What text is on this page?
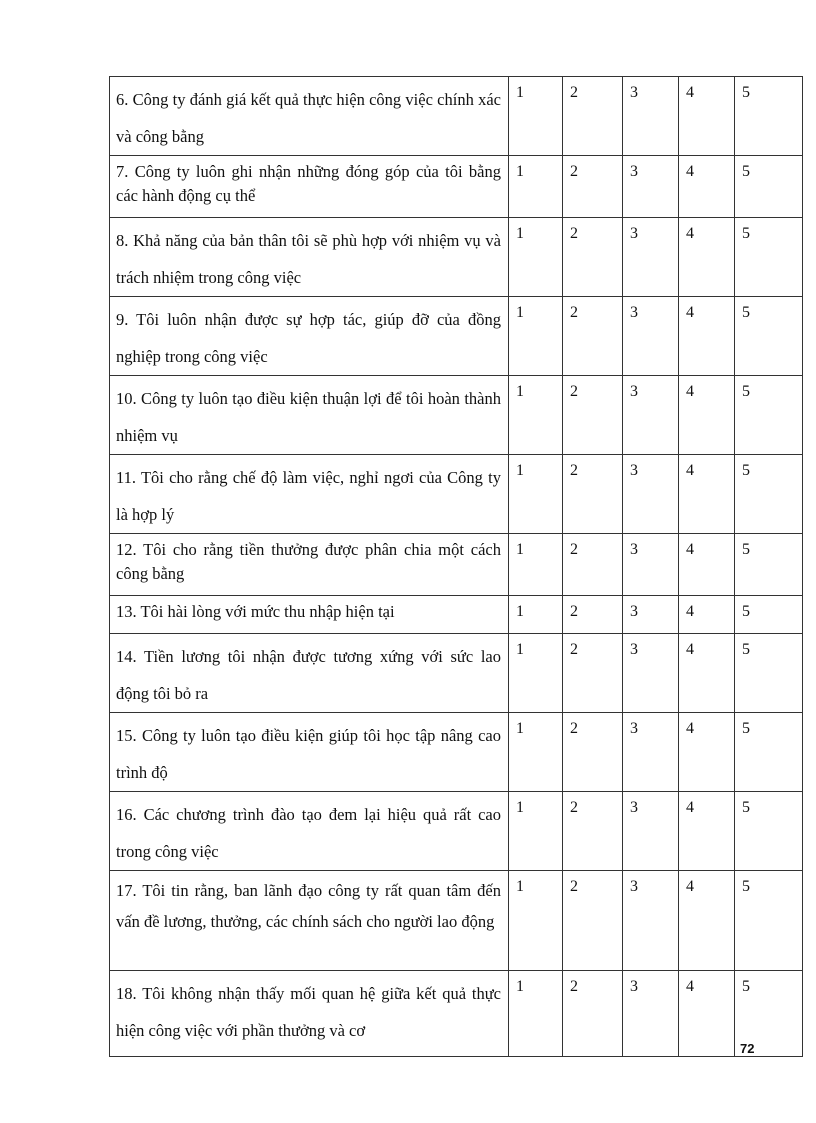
6. Công ty đánh giá kết quả thực hiện công việc chính xác và công bằng	1	2	3	4	5
7. Công ty luôn ghi nhận những đóng góp của tôi bằng các hành động cụ thể	1	2	3	4	5
8. Khả năng của bản thân tôi sẽ phù hợp với nhiệm vụ và trách nhiệm trong công việc	1	2	3	4	5
9. Tôi luôn nhận được sự hợp tác, giúp đỡ của đồng nghiệp trong công việc	1	2	3	4	5
10. Công ty luôn tạo điều kiện thuận lợi để tôi hoàn thành nhiệm vụ	1	2	3	4	5
11. Tôi cho rằng chế độ làm việc, nghỉ ngơi của Công ty là hợp lý	1	2	3	4	5
12. Tôi cho rằng tiền thưởng được phân chia một cách công bằng	1	2	3	4	5
13. Tôi hài lòng với mức thu nhập hiện tại	1	2	3	4	5
14. Tiền lương tôi nhận được tương xứng với sức lao động tôi bỏ ra	1	2	3	4	5
15. Công ty luôn tạo điều kiện giúp tôi học tập nâng cao trình độ	1	2	3	4	5
16. Các chương trình đào tạo đem lại hiệu quả rất cao trong công việc	1	2	3	4	5
17. Tôi tin rằng, ban lãnh đạo công ty rất quan tâm đến vấn đề lương, thưởng, các chính sách cho người lao động	1	2	3	4	5
18. Tôi không nhận thấy mối quan hệ giữa kết quả thực hiện công việc với phần thưởng và cơ	1	2	3	4	5
72
